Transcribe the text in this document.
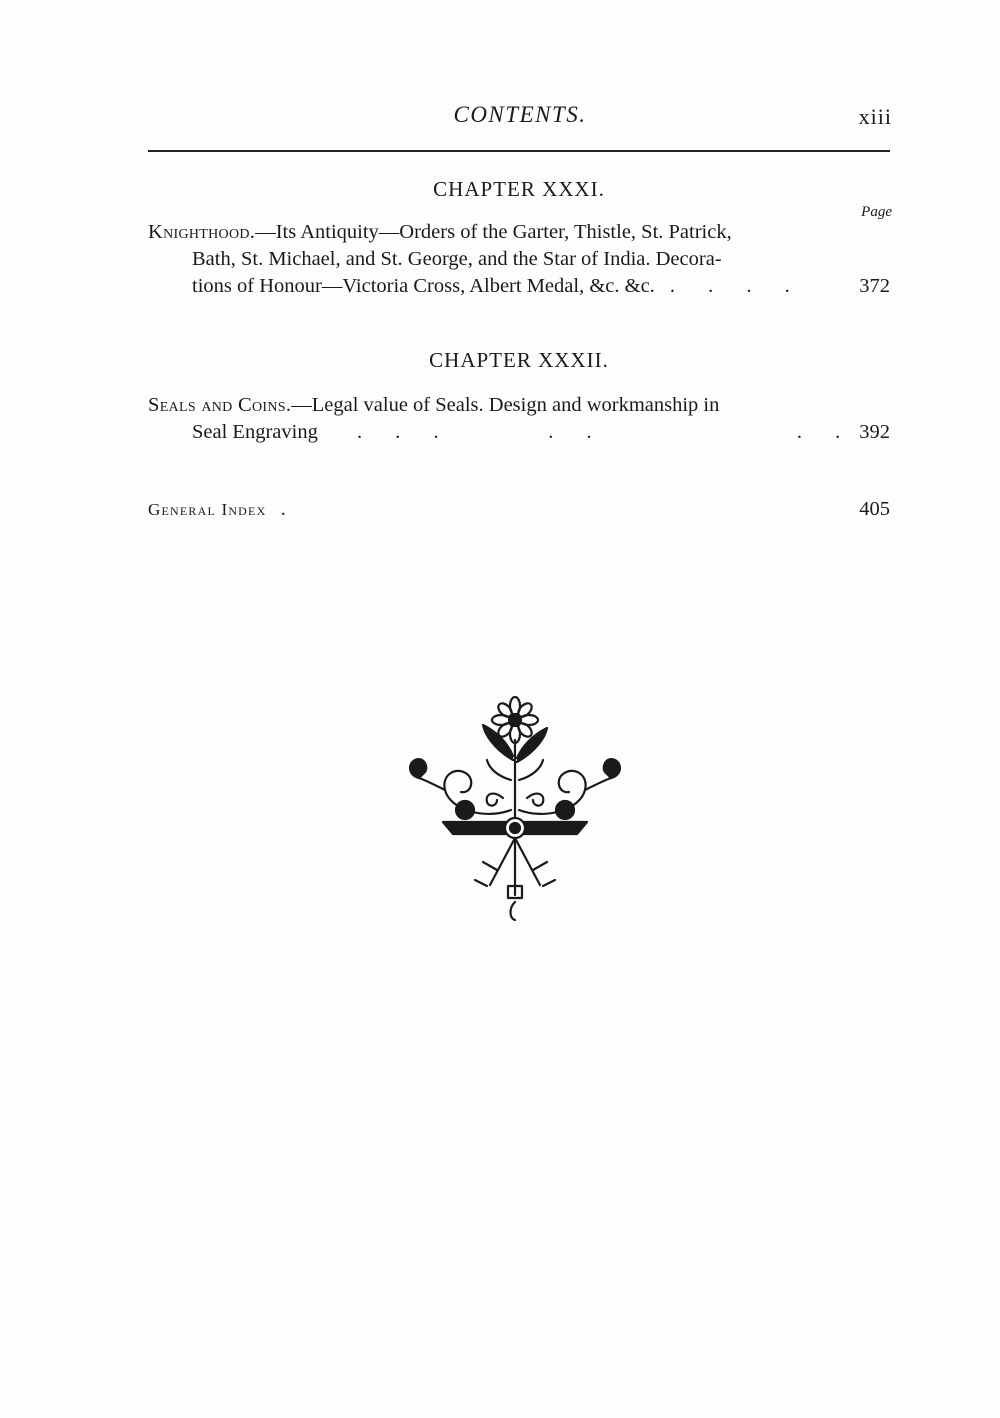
CONTENTS.	xiii
CHAPTER XXXI.
Page
Knighthood.—Its Antiquity—Orders of the Garter, Thistle, St. Patrick,
Bath, St. Michael, and St. George, and the Star of India. Decora-
tions of Honour—Victoria Cross, Albert Medal, &c. &c. . . . .	372
CHAPTER XXXII.
Seals and Coins.—Legal value of Seals. Design and workmanship in
Seal Engraving . . .     . .          . . 392
General Index .	405
